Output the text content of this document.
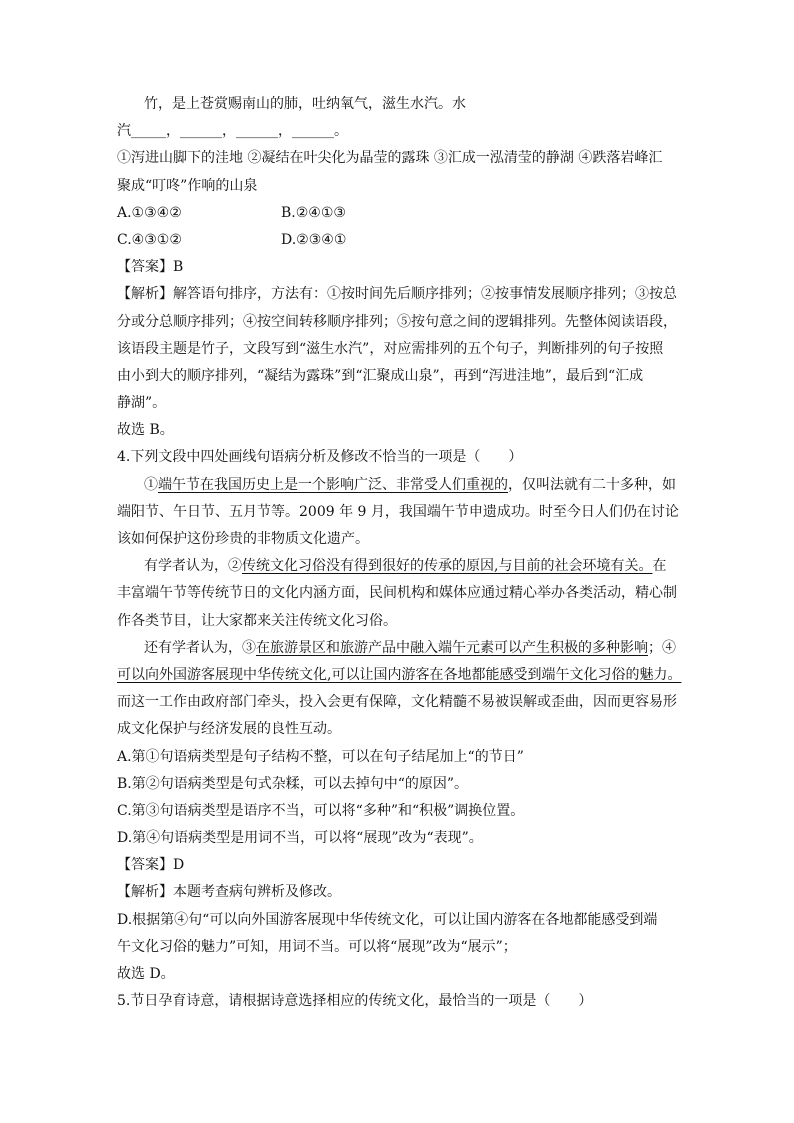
竹，是上苍赏赐南山的肺，吐纳氧气，滋生水汽。水
汽_____，______，______，______。
①泻进山脚下的洼地 ②凝结在叶尖化为晶莹的露珠 ③汇成一泓清莹的静湖 ④跌落岩峰汇
聚成“叮咚”作响的山泉
A.①③④②	B.②④①③
C.④③①②	D.②③④①
【答案】B
【解析】解答语句排序，方法有：①按时间先后顺序排列；②按事情发展顺序排列；③按总
分或分总顺序排列；④按空间转移顺序排列；⑤按句意之间的逻辑排列。先整体阅读语段，
该语段主题是竹子，文段写到“滋生水汽”，对应需排列的五个句子，判断排列的句子按照
由小到大的顺序排列，“凝结为露珠”到“汇聚成山泉”，再到“泻进洼地”，最后到“汇成
静湖”。
故选 B。
4.下列文段中四处画线句语病分析及修改不恰当的一项是（　　）
①端午节在我国历史上是一个影响广泛、非常受人们重视的，仅叫法就有二十多种，如
端阳节、午日节、五月节等。2009 年 9 月，我国端午节申遗成功。时至今日人们仍在讨论
该如何保护这份珍贵的非物质文化遗产。
有学者认为，②传统文化习俗没有得到很好的传承的原因,与目前的社会环境有关。在
丰富端午节等传统节日的文化内涵方面，民间机构和媒体应通过精心举办各类活动，精心制
作各类节目，让大家都来关注传统文化习俗。
还有学者认为，③在旅游景区和旅游产品中融入端午元素可以产生积极的多种影响；④
可以向外国游客展现中华传统文化,可以让国内游客在各地都能感受到端午文化习俗的魅力。
而这一工作由政府部门牵头，投入会更有保障，文化精髓不易被误解或歪曲，因而更容易形
成文化保护与经济发展的良性互动。
A.第①句语病类型是句子结构不整，可以在句子结尾加上“的节日”
B.第②句语病类型是句式杂糅，可以去掉句中“的原因”。
C.第③句语病类型是语序不当，可以将“多种”和“积极”调换位置。
D.第④句语病类型是用词不当，可以将“展现”改为“表现”。
【答案】D
【解析】本题考查病句辨析及修改。
D.根据第④句“可以向外国游客展现中华传统文化，可以让国内游客在各地都能感受到端
午文化习俗的魅力”可知，用词不当。可以将“展现”改为“展示”；
故选 D。
5.节日孕育诗意，请根据诗意选择相应的传统文化，最恰当的一项是（　　）
